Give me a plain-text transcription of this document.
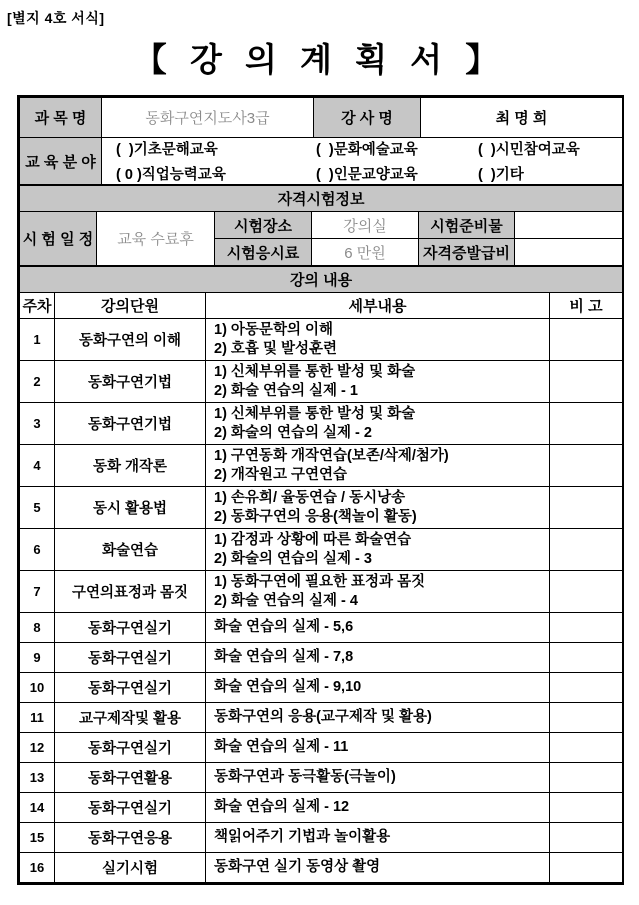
[별지 4호 서식]
【 강 의 계 획 서 】
과 목 명	동화구연지도사3급	강 사 명	최 명 희
교 육 분 야	
(  )기초문해교육	(  )문화예술교육	(  )시민참여교육
( 0 )직업능력교육	(  )인문교양교육	(  )기타
자격시험정보					
시 험 일 정	교육 수료후	시험장소	강의실	시험준비물	
		시험응시료	6 만원	자격증발급비	
강의 내용			
주차	강의단원	세부내용	비 고
1	동화구연의 이해	1) 아동문학의 이해
2) 호흡 및 발성훈련	

2	동화구연기법	1) 신체부위를 통한 발성 및 화술
2) 화술 연습의 실제 - 1	

3	동화구연기법	1) 신체부위를 통한 발성 및 화술
2) 화술의 연습의 실제 - 2	

4	동화 개작론	1) 구연동화 개작연습(보존/삭제/첨가)
2) 개작원고 구연연습	

5	동시 활용법	1) 손유희/ 율동연습 / 동시낭송
2) 동화구연의 응용(책놀이 활동)	

6	화술연습	1) 감정과 상황에 따른 화술연습
2) 화술의 연습의 실제 - 3	

7	구연의표정과 몸짓	1) 동화구연에 필요한 표정과 몸짓
2) 화술 연습의 실제 - 4	

8	동화구연실기	화술 연습의 실제 - 5,6	

9	동화구연실기	화술 연습의 실제 - 7,8	

10	동화구연실기	화술 연습의 실제 - 9,10	

11	교구제작및 활용	동화구연의 응용(교구제작 및 활용)	

12	동화구연실기	화술 연습의 실제 - 11	

13	동화구연활용	동화구연과 동극활동(극놀이)	

14	동화구연실기	화술 연습의 실제 - 12	

15	동화구연응용	책읽어주기 기법과 놀이활용	

16	실기시험	동화구연 실기 동영상 촬영	
